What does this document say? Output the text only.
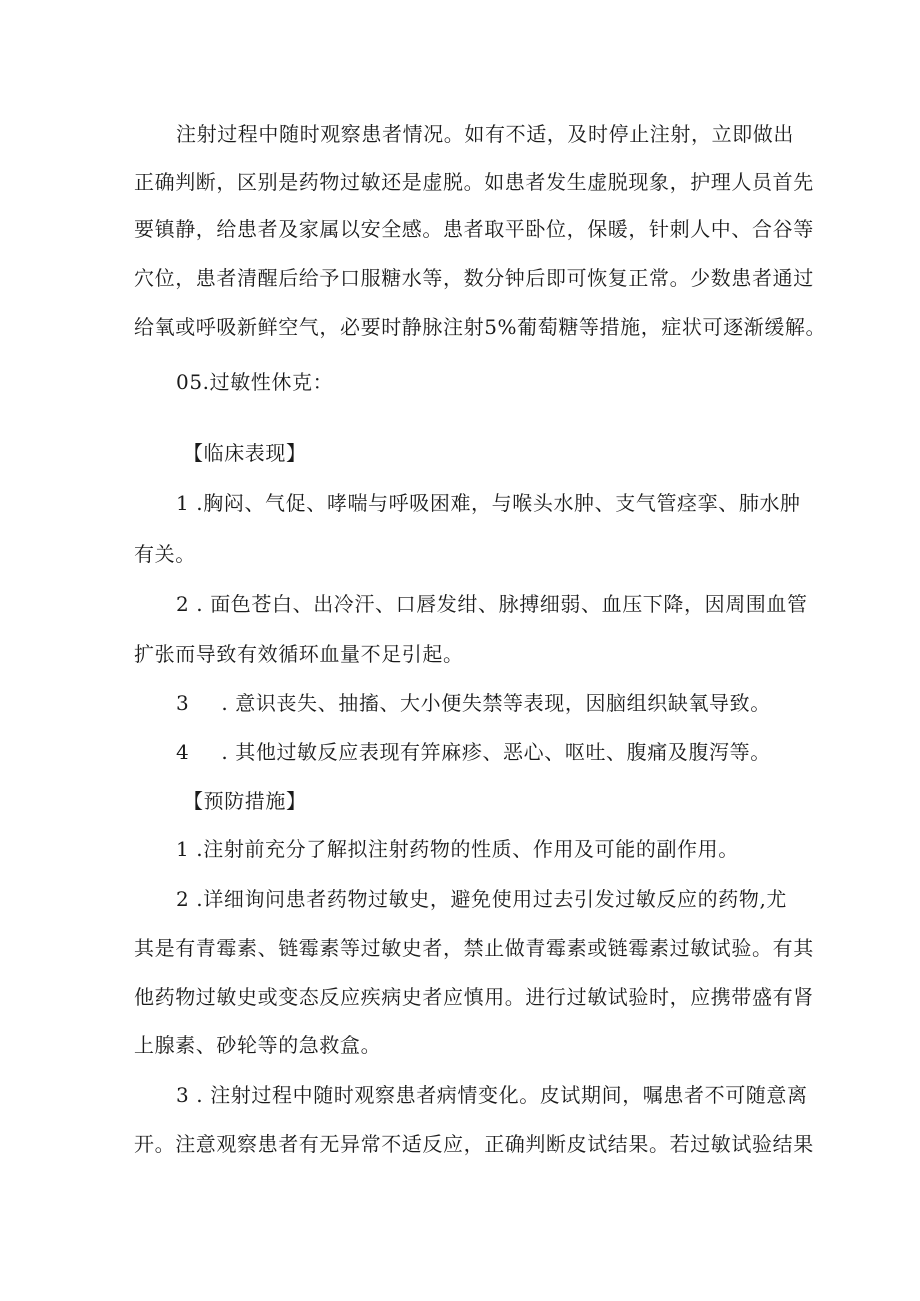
注射过程中随时观察患者情况。如有不适，及时停止注射，立即做出
正确判断，区别是药物过敏还是虚脱。如患者发生虚脱现象，护理人员首先
要镇静，给患者及家属以安全感。患者取平卧位，保暖，针刺人中、合谷等
穴位，患者清醒后给予口服糖水等，数分钟后即可恢复正常。少数患者通过
给氧或呼吸新鲜空气，必要时静脉注射5%葡萄糖等措施，症状可逐渐缓解。
05.过敏性休克：
【临床表现】
1 .胸闷、气促、哮喘与呼吸困难，与喉头水肿、支气管痉挛、肺水肿
有关。
2 . 面色苍白、出冷汗、口唇发绀、脉搏细弱、血压下降，因周围血管
扩张而导致有效循环血量不足引起。
3 . 意识丧失、抽搐、大小便失禁等表现，因脑组织缺氧导致。
4 . 其他过敏反应表现有笄麻疹、恶心、呕吐、腹痛及腹泻等。
【预防措施】
1 .注射前充分了解拟注射药物的性质、作用及可能的副作用。
2 .详细询问患者药物过敏史，避免使用过去引发过敏反应的药物,尤
其是有青霉素、链霉素等过敏史者，禁止做青霉素或链霉素过敏试验。有其
他药物过敏史或变态反应疾病史者应慎用。进行过敏试验时，应携带盛有肾
上腺素、砂轮等的急救盒。
3 . 注射过程中随时观察患者病情变化。皮试期间，嘱患者不可随意离
开。注意观察患者有无异常不适反应，正确判断皮试结果。若过敏试验结果
